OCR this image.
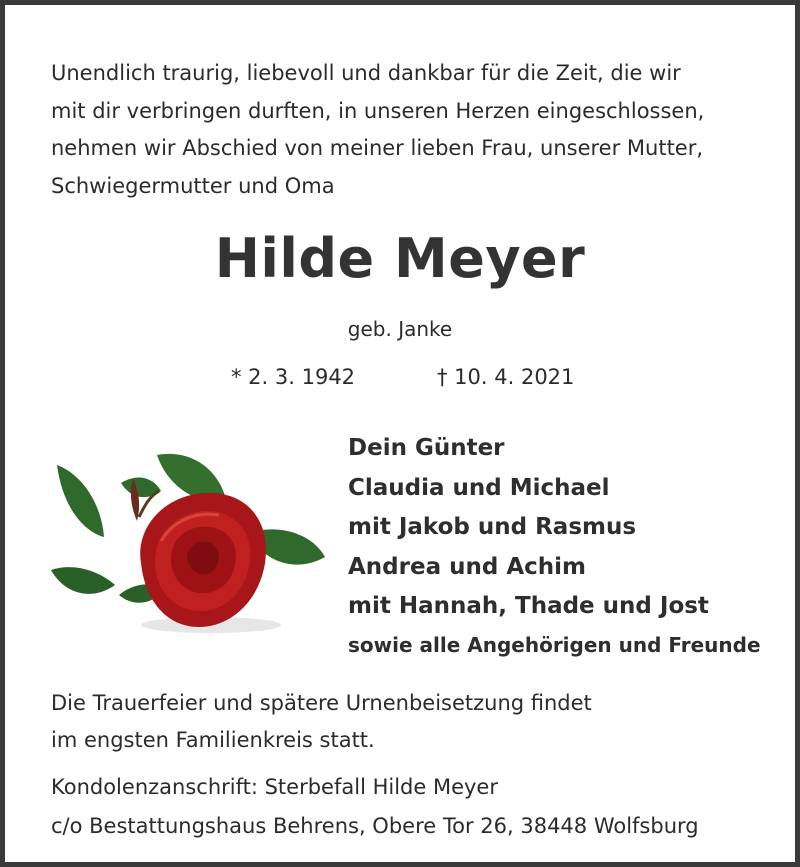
Unendlich traurig, liebevoll und dankbar für die Zeit, die wir
mit dir verbringen durften, in unseren Herzen eingeschlossen,
nehmen wir Abschied von meiner lieben Frau, unserer Mutter,
Schwiegermutter und Oma
Hilde Meyer
geb. Janke
* 2. 3. 1942	† 10. 4. 2021
Dein Günter
Claudia und Michael
mit Jakob und Rasmus
Andrea und Achim
mit Hannah, Thade und Jost
sowie alle Angehörigen und Freunde
Die Trauerfeier und spätere Urnenbeisetzung findet
im engsten Familienkreis statt.
Kondolenzanschrift: Sterbefall Hilde Meyer
c/o Bestattungshaus Behrens, Obere Tor 26, 38448 Wolfsburg
